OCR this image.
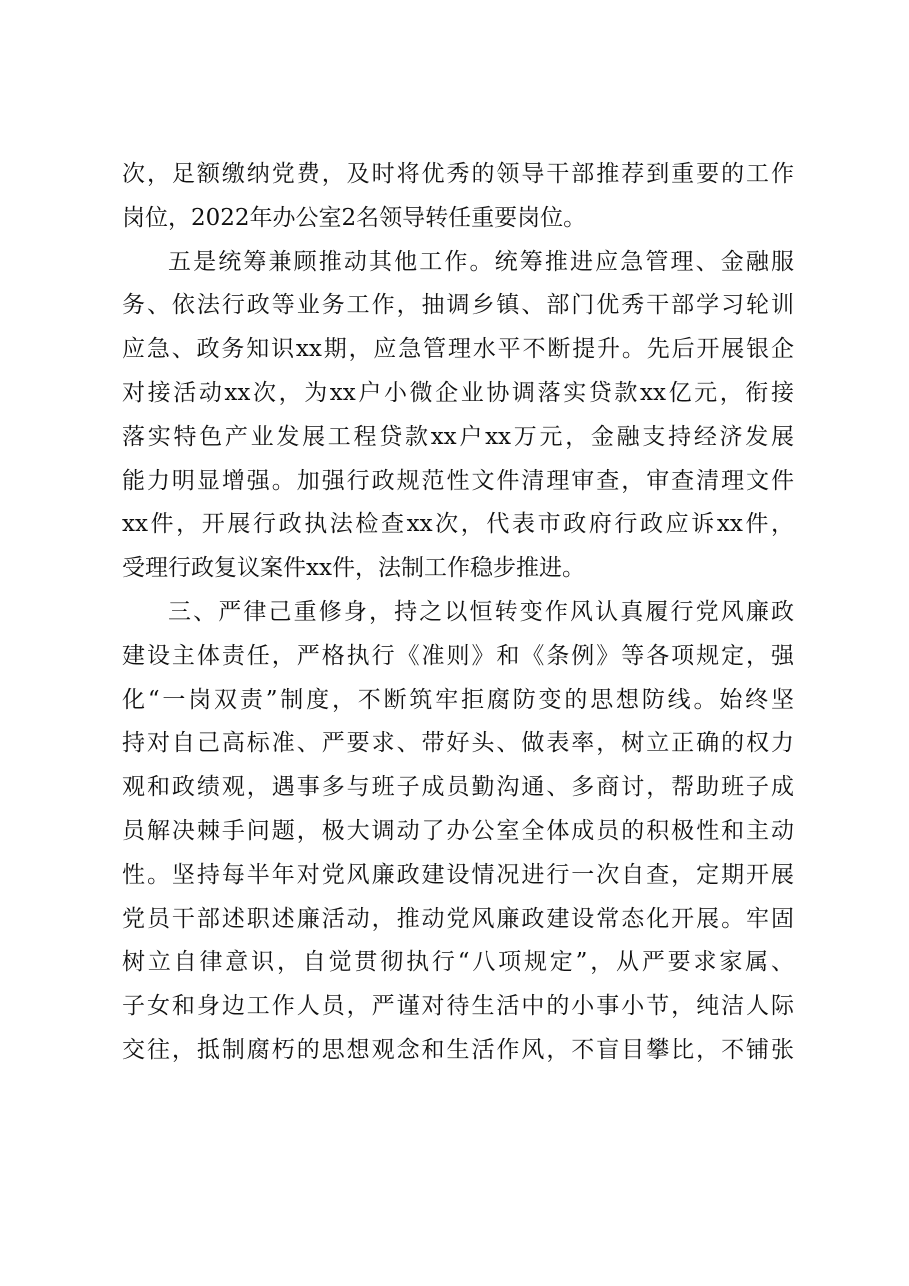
次，足额缴纳党费，及时将优秀的领导干部推荐到重要的工作
岗位，2022年办公室2名领导转任重要岗位。
五是统筹兼顾推动其他工作。统筹推进应急管理、金融服
务、依法行政等业务工作，抽调乡镇、部门优秀干部学习轮训
应急、政务知识xx期，应急管理水平不断提升。先后开展银企
对接活动xx次，为xx户小微企业协调落实贷款xx亿元，衔接
落实特色产业发展工程贷款xx户xx万元，金融支持经济发展
能力明显增强。加强行政规范性文件清理审查，审查清理文件
xx件，开展行政执法检查xx次，代表市政府行政应诉xx件，
受理行政复议案件xx件，法制工作稳步推进。
三、严律己重修身，持之以恒转变作风认真履行党风廉政
建设主体责任，严格执行《准则》和《条例》等各项规定，强
化“一岗双责”制度，不断筑牢拒腐防变的思想防线。始终坚
持对自己高标准、严要求、带好头、做表率，树立正确的权力
观和政绩观，遇事多与班子成员勤沟通、多商讨，帮助班子成
员解决棘手问题，极大调动了办公室全体成员的积极性和主动
性。坚持每半年对党风廉政建设情况进行一次自查，定期开展
党员干部述职述廉活动，推动党风廉政建设常态化开展。牢固
树立自律意识，自觉贯彻执行“八项规定”，从严要求家属、
子女和身边工作人员，严谨对待生活中的小事小节，纯洁人际
交往，抵制腐朽的思想观念和生活作风，不盲目攀比，不铺张
